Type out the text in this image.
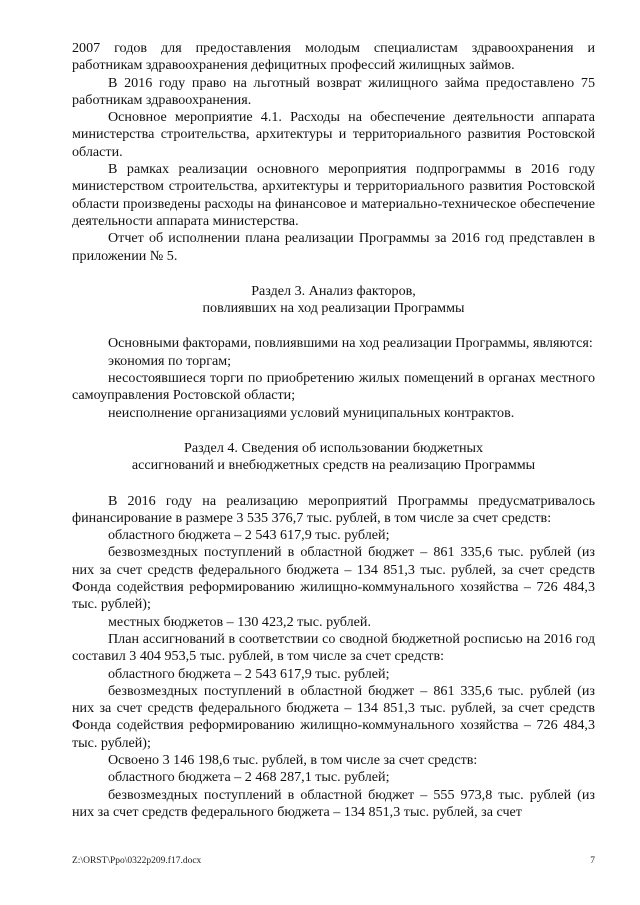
2007 годов для предоставления молодым специалистам здравоохранения и работникам здравоохранения дефицитных профессий жилищных займов.

В 2016 году право на льготный возврат жилищного займа предоставлено 75 работникам здравоохранения.

Основное мероприятие 4.1. Расходы на обеспечение деятельности аппарата министерства строительства, архитектуры и территориального развития Ростовской области.

В рамках реализации основного мероприятия подпрограммы в 2016 году министерством строительства, архитектуры и территориального развития Ростовской области произведены расходы на финансовое и материально-техническое обеспечение деятельности аппарата министерства.

Отчет об исполнении плана реализации Программы за 2016 год представлен в приложении № 5.

Раздел 3. Анализ факторов,
повлиявших на ход реализации Программы

Основными факторами, повлиявшими на ход реализации Программы, являются:

экономия по торгам;

несостоявшиеся торги по приобретению жилых помещений в органах местного самоуправления Ростовской области;

неисполнение организациями условий муниципальных контрактов.

Раздел 4. Сведения об использовании бюджетных
ассигнований и внебюджетных средств на реализацию Программы

В 2016 году на реализацию мероприятий Программы предусматривалось финансирование в размере 3 535 376,7 тыс. рублей, в том числе за счет средств:

областного бюджета – 2 543 617,9 тыс. рублей;

безвозмездных поступлений в областной бюджет – 861 335,6 тыс. рублей (из них за счет средств федерального бюджета – 134 851,3 тыс. рублей, за счет средств Фонда содействия реформированию жилищно-коммунального хозяйства – 726 484,3 тыс. рублей);

местных бюджетов – 130 423,2 тыс. рублей.

План ассигнований в соответствии со сводной бюджетной росписью на 2016 год составил 3 404 953,5 тыс. рублей, в том числе за счет средств:

областного бюджета – 2 543 617,9 тыс. рублей;

безвозмездных поступлений в областной бюджет – 861 335,6 тыс. рублей (из них за счет средств федерального бюджета – 134 851,3 тыс. рублей, за счет средств Фонда содействия реформированию жилищно-коммунального хозяйства – 726 484,3 тыс. рублей);

Освоено 3 146 198,6 тыс. рублей, в том числе за счет средств:

областного бюджета – 2 468 287,1 тыс. рублей;

безвозмездных поступлений в областной бюджет – 555 973,8 тыс. рублей (из них за счет средств федерального бюджета – 134 851,3 тыс. рублей, за счет

Z:\ORST\Ppo\0322p209.f17.docx	7
